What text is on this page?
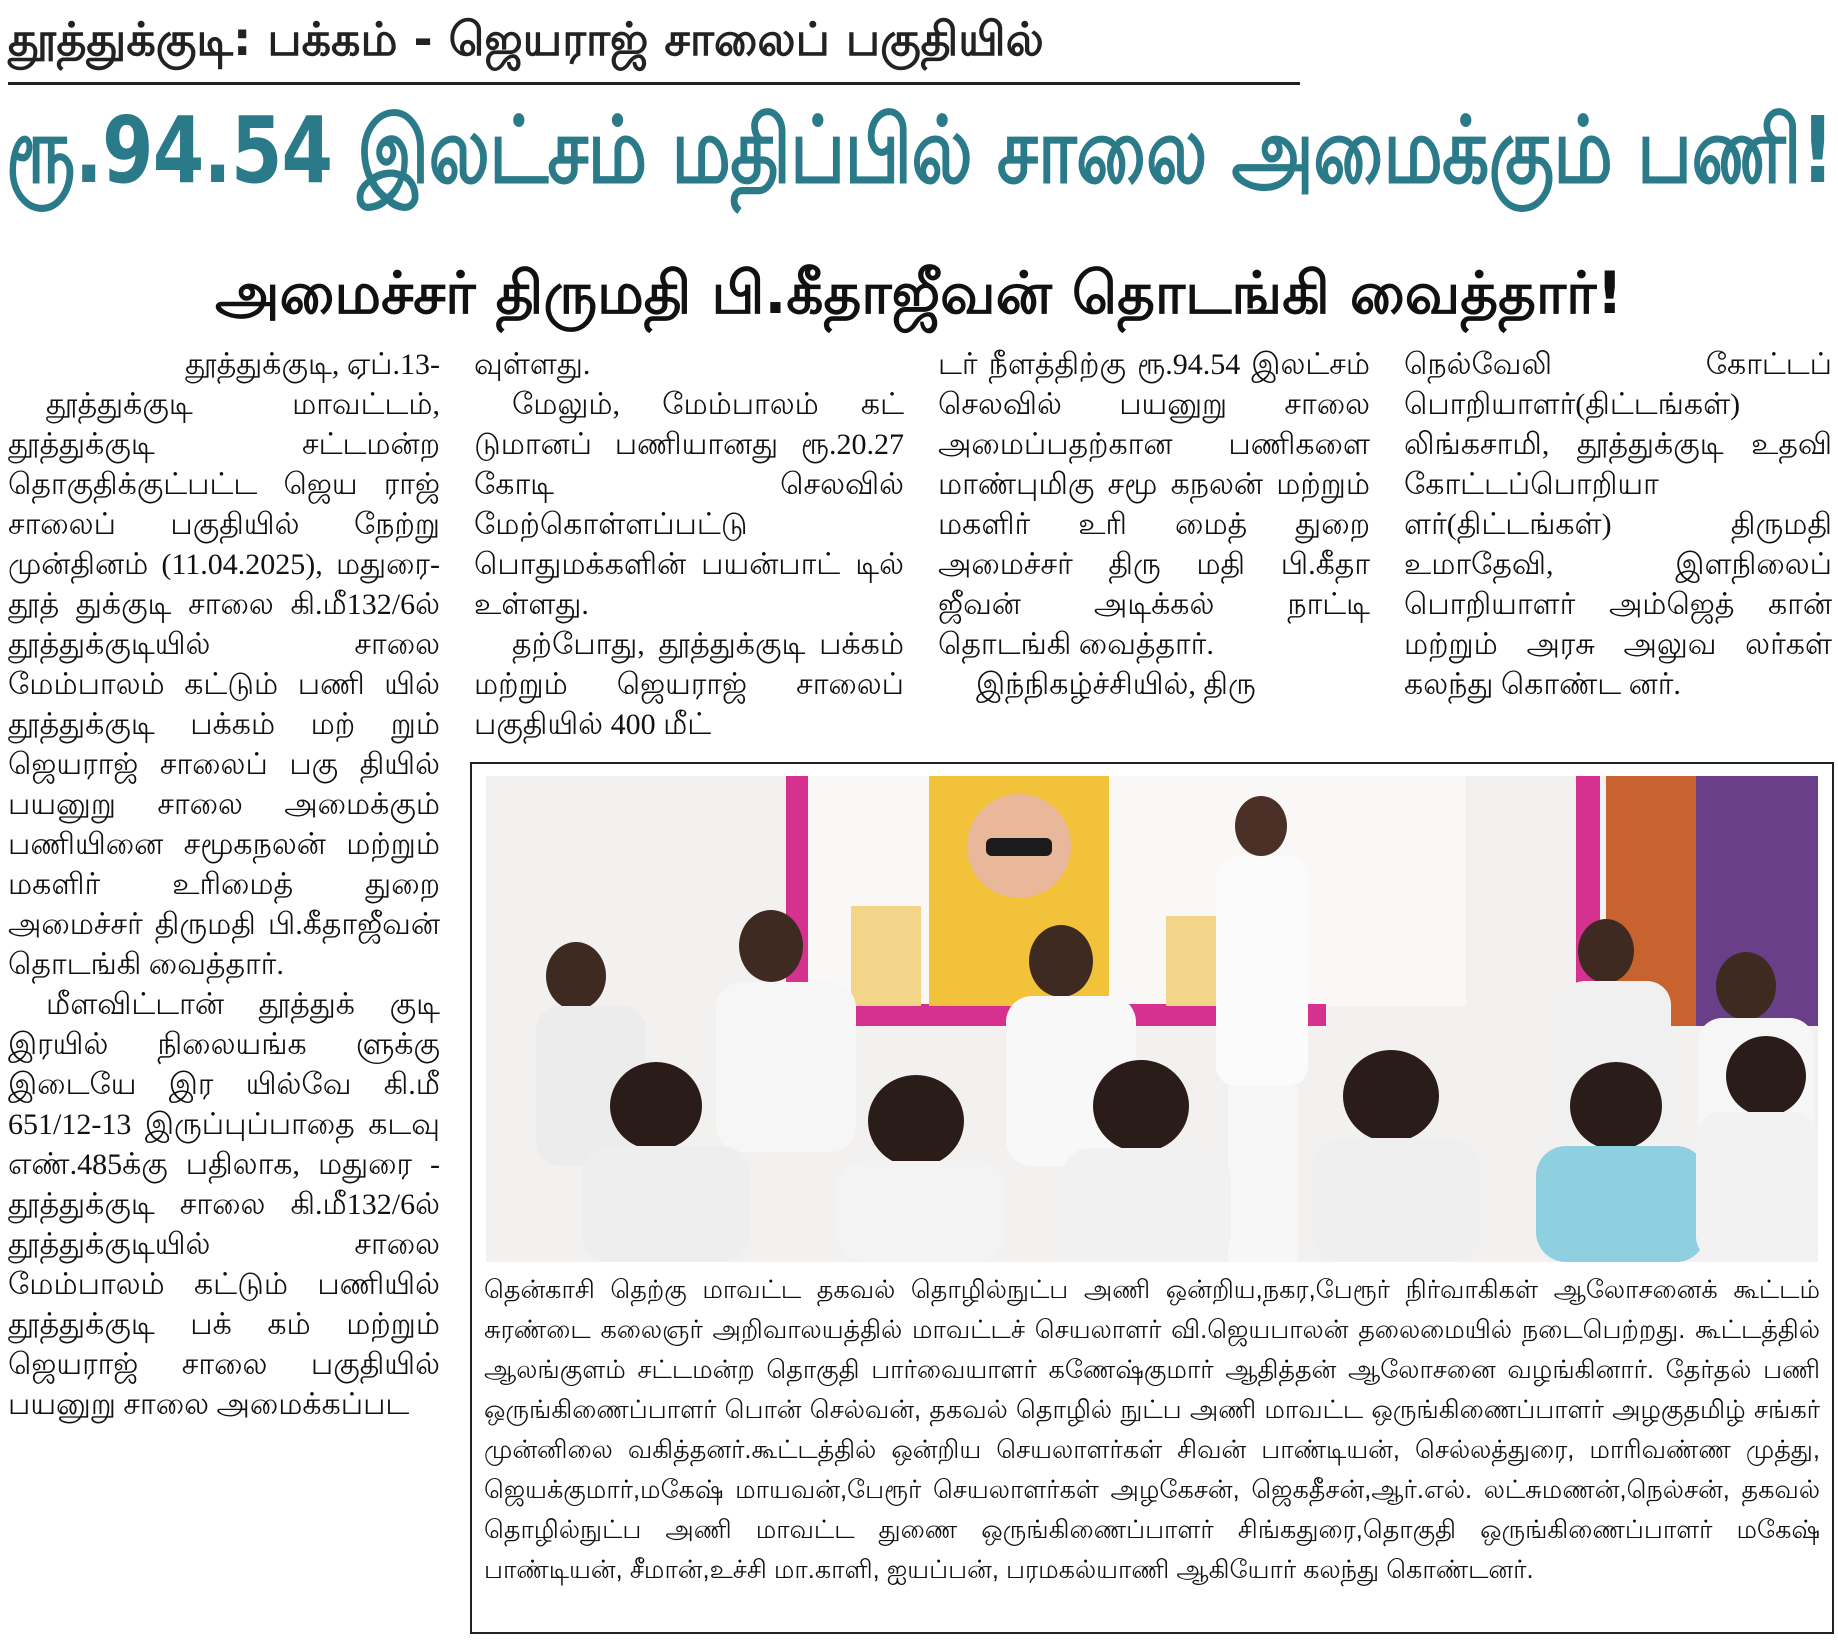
தூத்துக்குடி: பக்கம் - ஜெயராஜ் சாலைப் பகுதியில்
ரூ.94.54 இலட்சம் மதிப்பில் சாலை அமைக்கும் பணி!
அமைச்சர் திருமதி பி.கீதாஜீவன் தொடங்கி வைத்தார்!

தூத்துக்குடி, ஏப்.13-

தூத்துக்குடி மாவட்டம், தூத்துக்குடி சட்டமன்ற தொகுதிக்குட்பட்ட ஜெய ராஜ் சாலைப் பகுதியில் நேற்று முன்தினம் (11.04.2025), மதுரை-தூத் துக்குடி சாலை கி.மீ132/6ல் தூத்துக்குடியில் சாலை மேம்பாலம் கட்டும் பணி யில் தூத்துக்குடி பக்கம் மற் றும் ஜெயராஜ் சாலைப் பகு தியில் பயனுறு சாலை அமைக்கும் பணியினை சமூகநலன் மற்றும் மகளிர் உரிமைத் துறை அமைச்சர் திருமதி பி.கீதாஜீவன் தொடங்கி வைத்தார்.

மீளவிட்டான் தூத்துக் குடி இரயில் நிலையங்க ளுக்கு இடையே இர யில்வே கி.மீ 651/12-13 இருப்புப்பாதை கடவு எண்.485க்கு பதிலாக, மதுரை - தூத்துக்குடி சாலை கி.மீ132/6ல் தூத்துக்குடியில் சாலை மேம்பாலம் கட்டும் பணியில் தூத்துக்குடி பக் கம் மற்றும் ஜெயராஜ் சாலை பகுதியில் பயனுறு சாலை அமைக்கப்பட

வுள்ளது.

மேலும், மேம்பாலம் கட் டுமானப் பணியானது ரூ.20.27 கோடி செலவில் மேற்கொள்ளப்பட்டு பொதுமக்களின் பயன்பாட் டில் உள்ளது.

தற்போது, தூத்துக்குடி பக்கம் மற்றும் ஜெயராஜ் சாலைப் பகுதியில் 400 மீட்

டர் நீளத்திற்கு ரூ.94.54 இலட்சம் செலவில் பயனுறு சாலை அமைப்பதற்கான பணிகளை மாண்புமிகு சமூ கநலன் மற்றும் மகளிர் உரி மைத் துறை அமைச்சர் திரு மதி பி.கீதா ஜீவன் அடிக்கல் நாட்டி தொடங்கி வைத்தார்.

இந்நிகழ்ச்சியில், திரு

நெல்வேலி கோட்டப் பொறியாளர்(திட்டங்கள்) லிங்கசாமி, தூத்துக்குடி உதவி கோட்டப்பொறியா ளர்(திட்டங்கள்) திருமதி உமாதேவி, இளநிலைப் பொறியாளர் அம்ஜெத் கான் மற்றும் அரசு அலுவ லர்கள் கலந்து கொண்ட னர்.

தென்காசி தெற்கு மாவட்ட தகவல் தொழில்நுட்ப அணி ஒன்றிய,நகர,பேரூர் நிர்வாகிகள் ஆலோசனைக் கூட்டம் சுரண்டை கலைஞர் அறிவாலயத்தில் மாவட்டச் செயலாளர் வி.ஜெயபாலன் தலைமையில் நடைபெற்றது. கூட்டத்தில் ஆலங்குளம் சட்டமன்ற தொகுதி பார்வையாளர் கணேஷ்குமார் ஆதித்தன் ஆலோசனை வழங்கினார். தேர்தல் பணி ஒருங்கிணைப்பாளர் பொன் செல்வன், தகவல் தொழில் நுட்ப அணி மாவட்ட ஒருங்கிணைப்பாளர் அழகுதமிழ் சங்கர் முன்னிலை வகித்தனர்.கூட்டத்தில் ஒன்றிய செயலாளர்கள் சிவன் பாண்டியன், செல்லத்துரை, மாரிவண்ண முத்து, ஜெயக்குமார்,மகேஷ் மாயவன்,பேரூர் செயலாளர்கள் அழகேசன், ஜெகதீசன்,ஆர்.எல். லட்சுமணன்,நெல்சன், தகவல் தொழில்நுட்ப அணி மாவட்ட துணை ஒருங்கிணைப்பாளர் சிங்கதுரை,தொகுதி ஒருங்கிணைப்பாளர் மகேஷ் பாண்டியன், சீமான்,உச்சி மா.காளி, ஐயப்பன், பரமகல்யாணி ஆகியோர் கலந்து கொண்டனர்.
